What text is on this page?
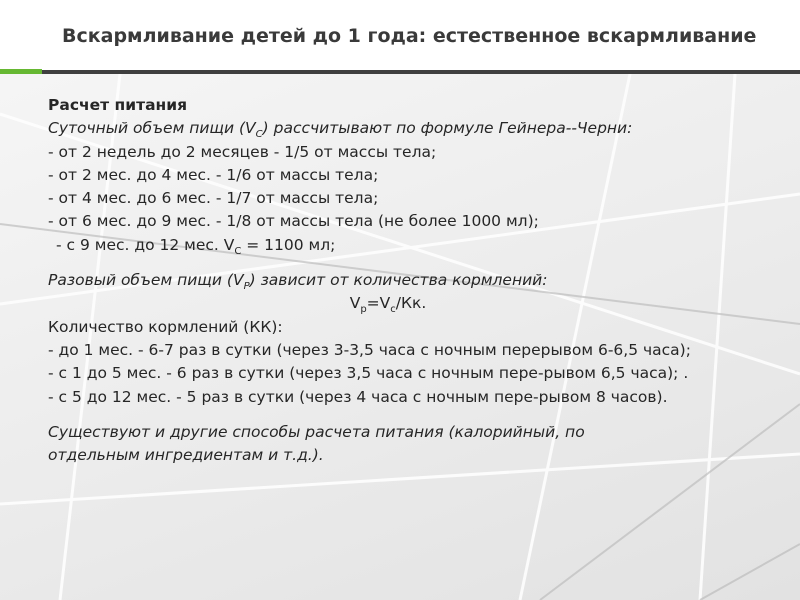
Вскармливание детей до 1 года: естественное вскармливание
Расчет питания
Суточный объем пищи $(V_C)$ рассчитывают по формуле Гейнера--Черни:
- от 2 недель до 2 месяцев - 1/5 от массы тела;
- от 2 мес. до 4 мес. - 1/6 от массы тела;
- от 4 мес. до 6 мес. - 1/7 от массы тела;
- от 6 мес. до 9 мес. - 1/8 от массы тела (не более 1000 мл);
- с 9 мес. до 12 мес. $V_C = 1100$ мл;
Разовый объем пищи $(V_P)$ зависит от количества кормлений:
$V_p=V_c/Кк$.
Количество кормлений (КК):
- до 1 мес. - 6-7 раз в сутки (через 3-3,5 часа с ночным перерывом 6-6,5 часа);
- с 1 до 5 мес. - 6 раз в сутки (через 3,5 часа с ночным пере-рывом 6,5 часа); .
- с 5 до 12 мес. - 5 раз в сутки (через 4 часа с ночным пере-рывом 8 часов).
Существуют и другие способы расчета питания (калорийный, по
отдельным ингредиентам и т.д.).
